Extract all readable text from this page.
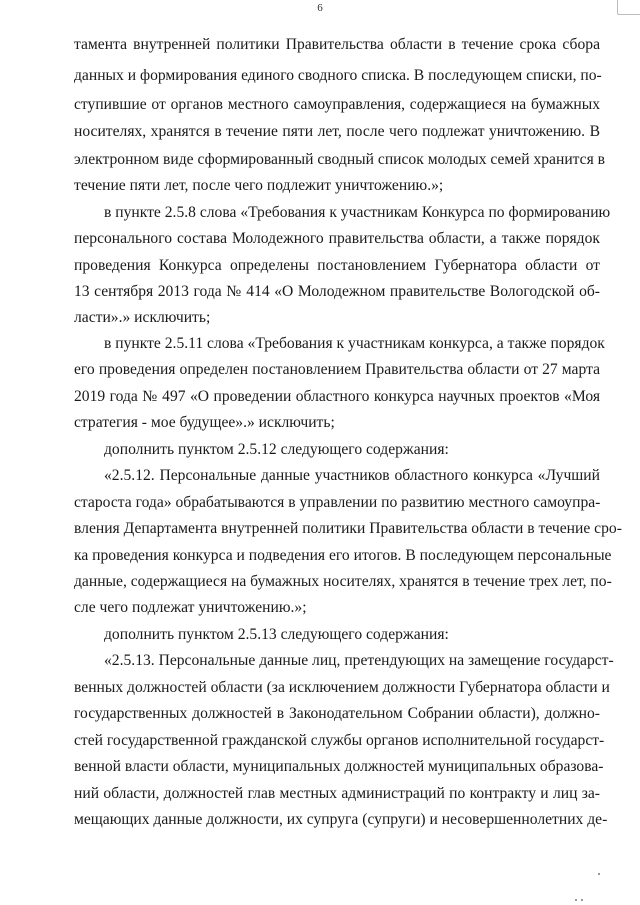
6
тамента внутренней политики Правительства области в течение срока сбора
данных и формирования единого сводного списка. В последующем списки, по-
ступившие от органов местного самоуправления, содержащиеся на бумажных
носителях, хранятся в течение пяти лет, после чего подлежат уничтожению. В
электронном виде сформированный сводный список молодых семей хранится в
течение пяти лет, после чего подлежит уничтожению.»;
в пункте 2.5.8 слова «Требования к участникам Конкурса по формированию
персонального состава Молодежного правительства области, а также порядок
проведения Конкурса определены постановлением Губернатора области от
13 сентября 2013 года № 414 «О Молодежном правительстве Вологодской об-
ласти».» исключить;
в пункте 2.5.11 слова «Требования к участникам конкурса, а также порядок
его проведения определен постановлением Правительства области от 27 марта
2019 года № 497 «О проведении областного конкурса научных проектов «Моя
стратегия - мое будущее».» исключить;
дополнить пунктом 2.5.12 следующего содержания:
«2.5.12. Персональные данные участников областного конкурса «Лучший
староста года» обрабатываются в управлении по развитию местного самоупра-
вления Департамента внутренней политики Правительства области в течение сро-
ка проведения конкурса и подведения его итогов. В последующем персональные
данные, содержащиеся на бумажных носителях, хранятся в течение трех лет, по-
сле чего подлежат уничтожению.»;
дополнить пунктом 2.5.13 следующего содержания:
«2.5.13. Персональные данные лиц, претендующих на замещение государст-
венных должностей области (за исключением должности Губернатора области и
государственных должностей в Законодательном Собрании области), должно-
стей государственной гражданской службы органов исполнительной государст-
венной власти области, муниципальных должностей муниципальных образова-
ний области, должностей глав местных администраций по контракту и лиц за-
мещающих данные должности, их супруга (супруги) и несовершеннолетних де-
